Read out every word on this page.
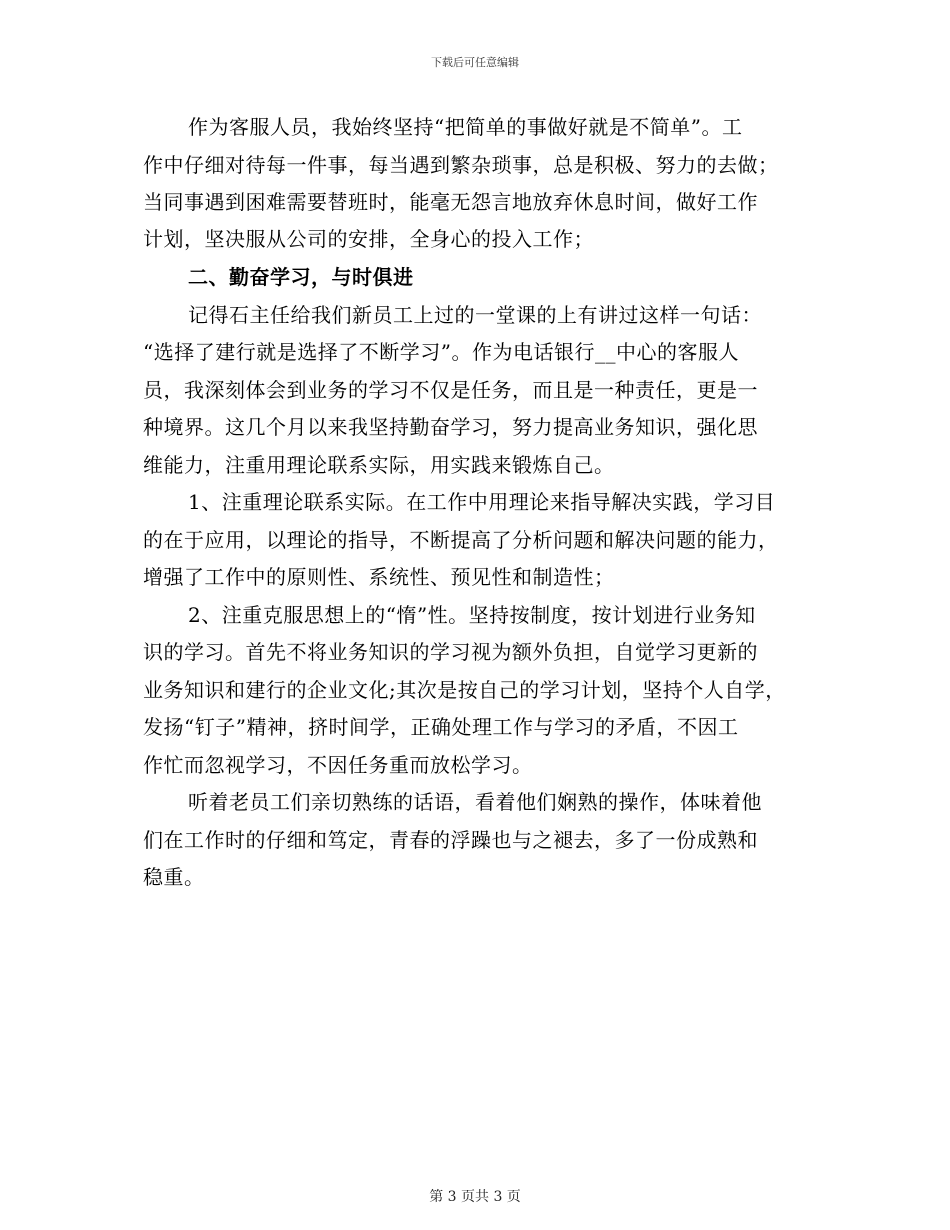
下载后可任意编辑
作为客服人员，我始终坚持“把简单的事做好就是不简单”。工
作中仔细对待每一件事，每当遇到繁杂琐事，总是积极、努力的去做；
当同事遇到困难需要替班时，能毫无怨言地放弃休息时间，做好工作
计划，坚决服从公司的安排，全身心的投入工作；
二、勤奋学习，与时俱进
记得石主任给我们新员工上过的一堂课的上有讲过这样一句话：
“选择了建行就是选择了不断学习”。作为电话银行__中心的客服人
员，我深刻体会到业务的学习不仅是任务，而且是一种责任，更是一
种境界。这几个月以来我坚持勤奋学习，努力提高业务知识，强化思
维能力，注重用理论联系实际，用实践来锻炼自己。
1、注重理论联系实际。在工作中用理论来指导解决实践，学习目
的在于应用，以理论的指导，不断提高了分析问题和解决问题的能力，
增强了工作中的原则性、系统性、预见性和制造性；
2、注重克服思想上的“惰”性。坚持按制度，按计划进行业务知
识的学习。首先不将业务知识的学习视为额外负担，自觉学习更新的
业务知识和建行的企业文化;其次是按自己的学习计划，坚持个人自学，
发扬“钉子”精神，挤时间学，正确处理工作与学习的矛盾，不因工
作忙而忽视学习，不因任务重而放松学习。
听着老员工们亲切熟练的话语，看着他们娴熟的操作，体味着他
们在工作时的仔细和笃定，青春的浮躁也与之褪去，多了一份成熟和
稳重。
第 3 页共 3 页
